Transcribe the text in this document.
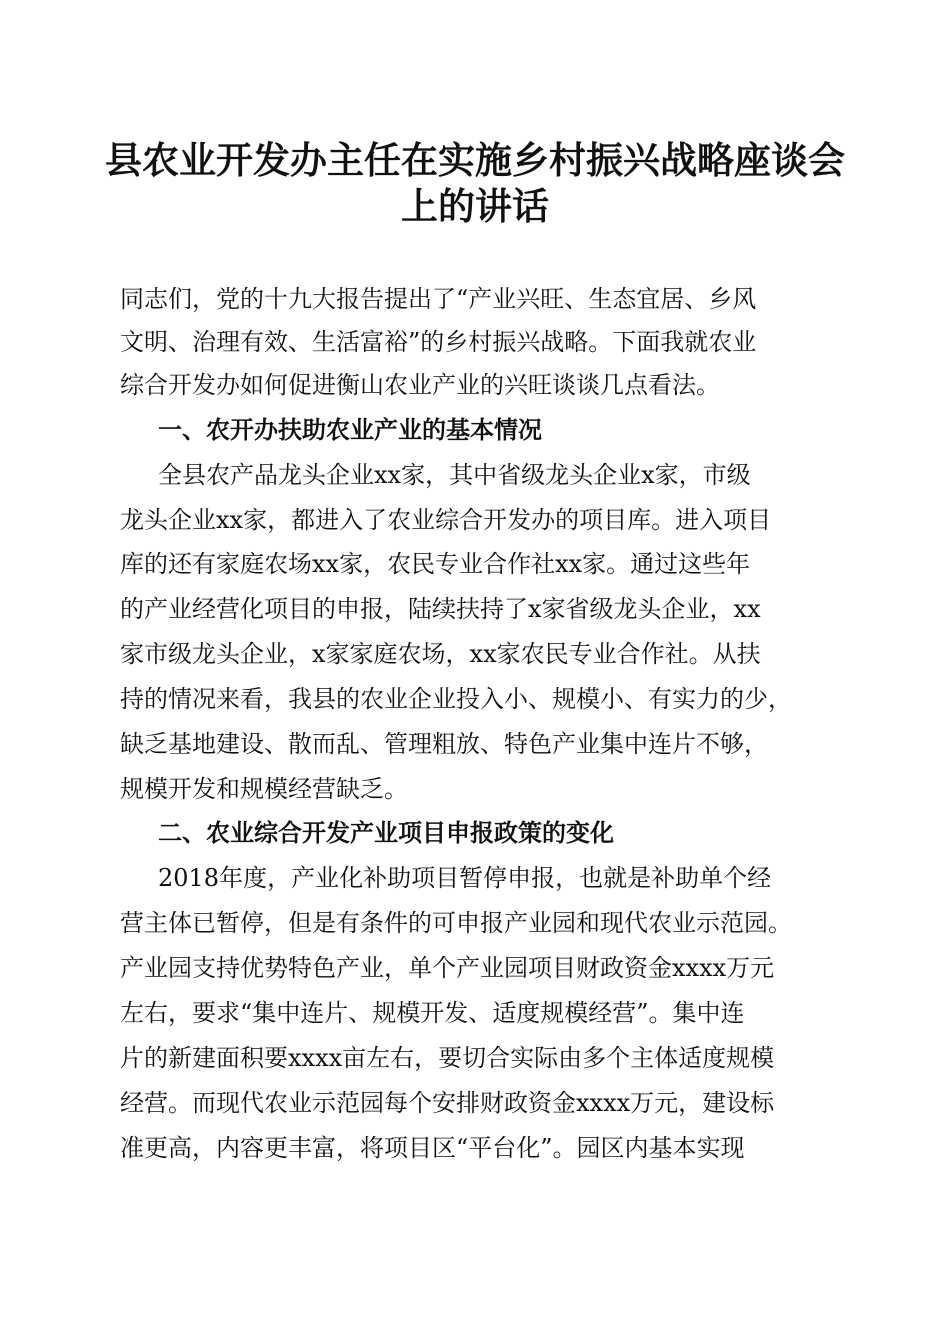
县农业开发办主任在实施乡村振兴战略座谈会
上的讲话
同志们，党的十九大报告提出了“产业兴旺、生态宜居、乡风
文明、治理有效、生活富裕”的乡村振兴战略。下面我就农业
综合开发办如何促进衡山农业产业的兴旺谈谈几点看法。
一、农开办扶助农业产业的基本情况
全县农产品龙头企业xx家，其中省级龙头企业x家，市级
龙头企业xx家，都进入了农业综合开发办的项目库。进入项目
库的还有家庭农场xx家，农民专业合作社xx家。通过这些年
的产业经营化项目的申报，陆续扶持了x家省级龙头企业，xx
家市级龙头企业，x家家庭农场，xx家农民专业合作社。从扶
持的情况来看，我县的农业企业投入小、规模小、有实力的少，
缺乏基地建设、散而乱、管理粗放、特色产业集中连片不够，
规模开发和规模经营缺乏。
二、农业综合开发产业项目申报政策的变化
2018年度，产业化补助项目暂停申报，也就是补助单个经
营主体已暂停，但是有条件的可申报产业园和现代农业示范园。
产业园支持优势特色产业，单个产业园项目财政资金xxxx万元
左右，要求“集中连片、规模开发、适度规模经营”。集中连
片的新建面积要xxxx亩左右，要切合实际由多个主体适度规模
经营。而现代农业示范园每个安排财政资金xxxx万元，建设标
准更高，内容更丰富，将项目区“平台化”。园区内基本实现
